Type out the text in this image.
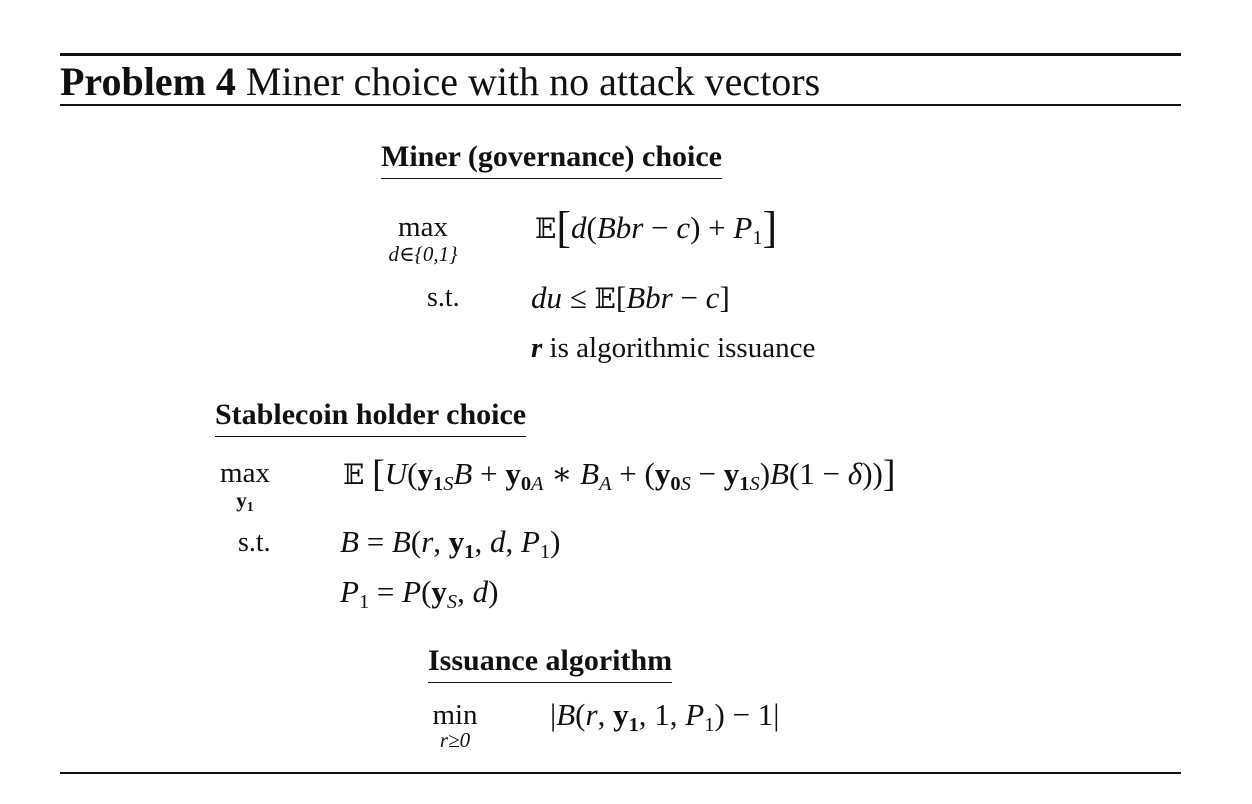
Problem 4 Miner choice with no attack vectors
Miner (governance) choice
max
d∈{0,1}
𝔼[d(Bbr − $c) + P_1$]
s.t. du ≤ 𝔼[Bbr − c]
r is algorithmic issuance
Stablecoin holder choice
max
$y_1$
𝔼 [$U(y_{1S}B + y_{0A}$ ∗ $B_A + (y_{0S} - y_{1S})B(1 - \delta)$)]
s.t. B = B(r, $y_1$, d, $P_1$)
$P_1 = P(y_S$, d)
Issuance algorithm
min
r≥0
|B(r, $y_1$, 1, $P_1) - 1|$
